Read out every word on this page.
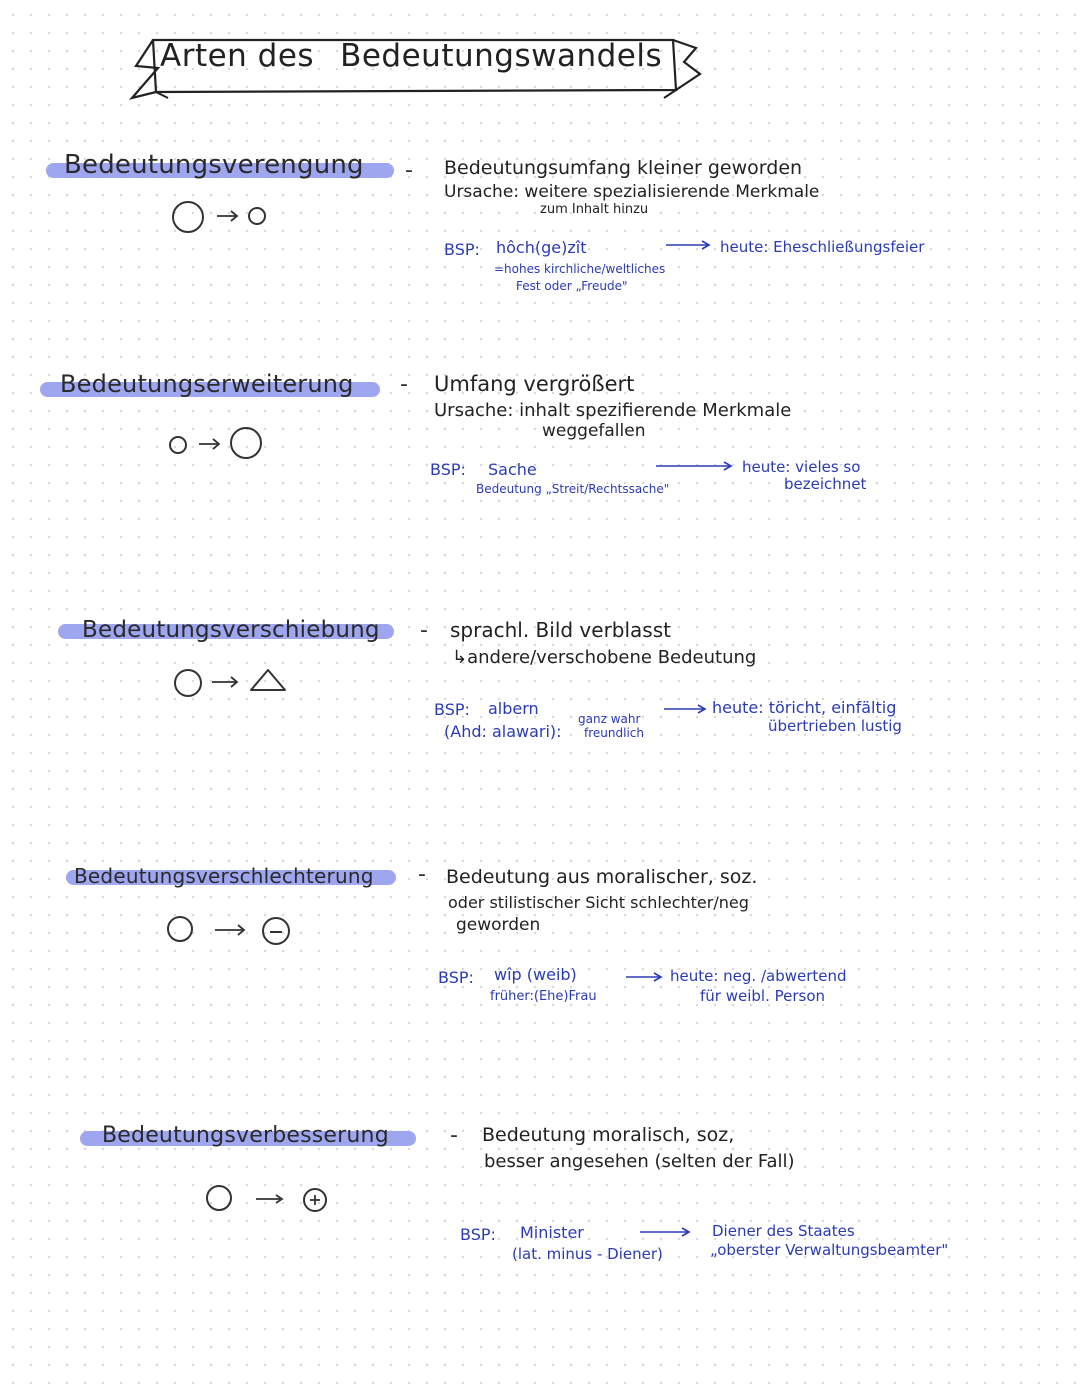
Arten des Bedeutungswandels
Bedeutungsverengung - Bedeutungsumfang kleiner geworden
Ursache: weitere spezialisierende Merkmale
zum Inhalt hinzu
BSP: hôch(ge)zît
=hohes kirchliche/weltliches
Fest oder „Freude"
heute: Eheschließungsfeier
Bedeutungserweiterung - Umfang vergrößert
Ursache: inhalt spezifierende Merkmale
weggefallen
BSP: Sache
Bedeutung „Streit/Rechtssache"
heute: vieles so
bezeichnet
Bedeutungsverschiebung - sprachl. Bild verblasst
↳andere/verschobene Bedeutung
BSP: albern
(Ahd: alawari):
ganz wahr
freundlich
heute: töricht, einfältig
übertrieben lustig
Bedeutungsverschlechterung - Bedeutung aus moralischer, soz.
oder stilistischer Sicht schlechter/neg
geworden
BSP: wîp (weib)
früher:(Ehe)Frau
heute: neg. /abwertend
für weibl. Person
Bedeutungsverbesserung	- Bedeutung moralisch, soz,
besser angesehen (selten der Fall)
BSP: Minister
(lat. minus - Diener)
Diener des Staates
„oberster Verwaltungsbeamter"
